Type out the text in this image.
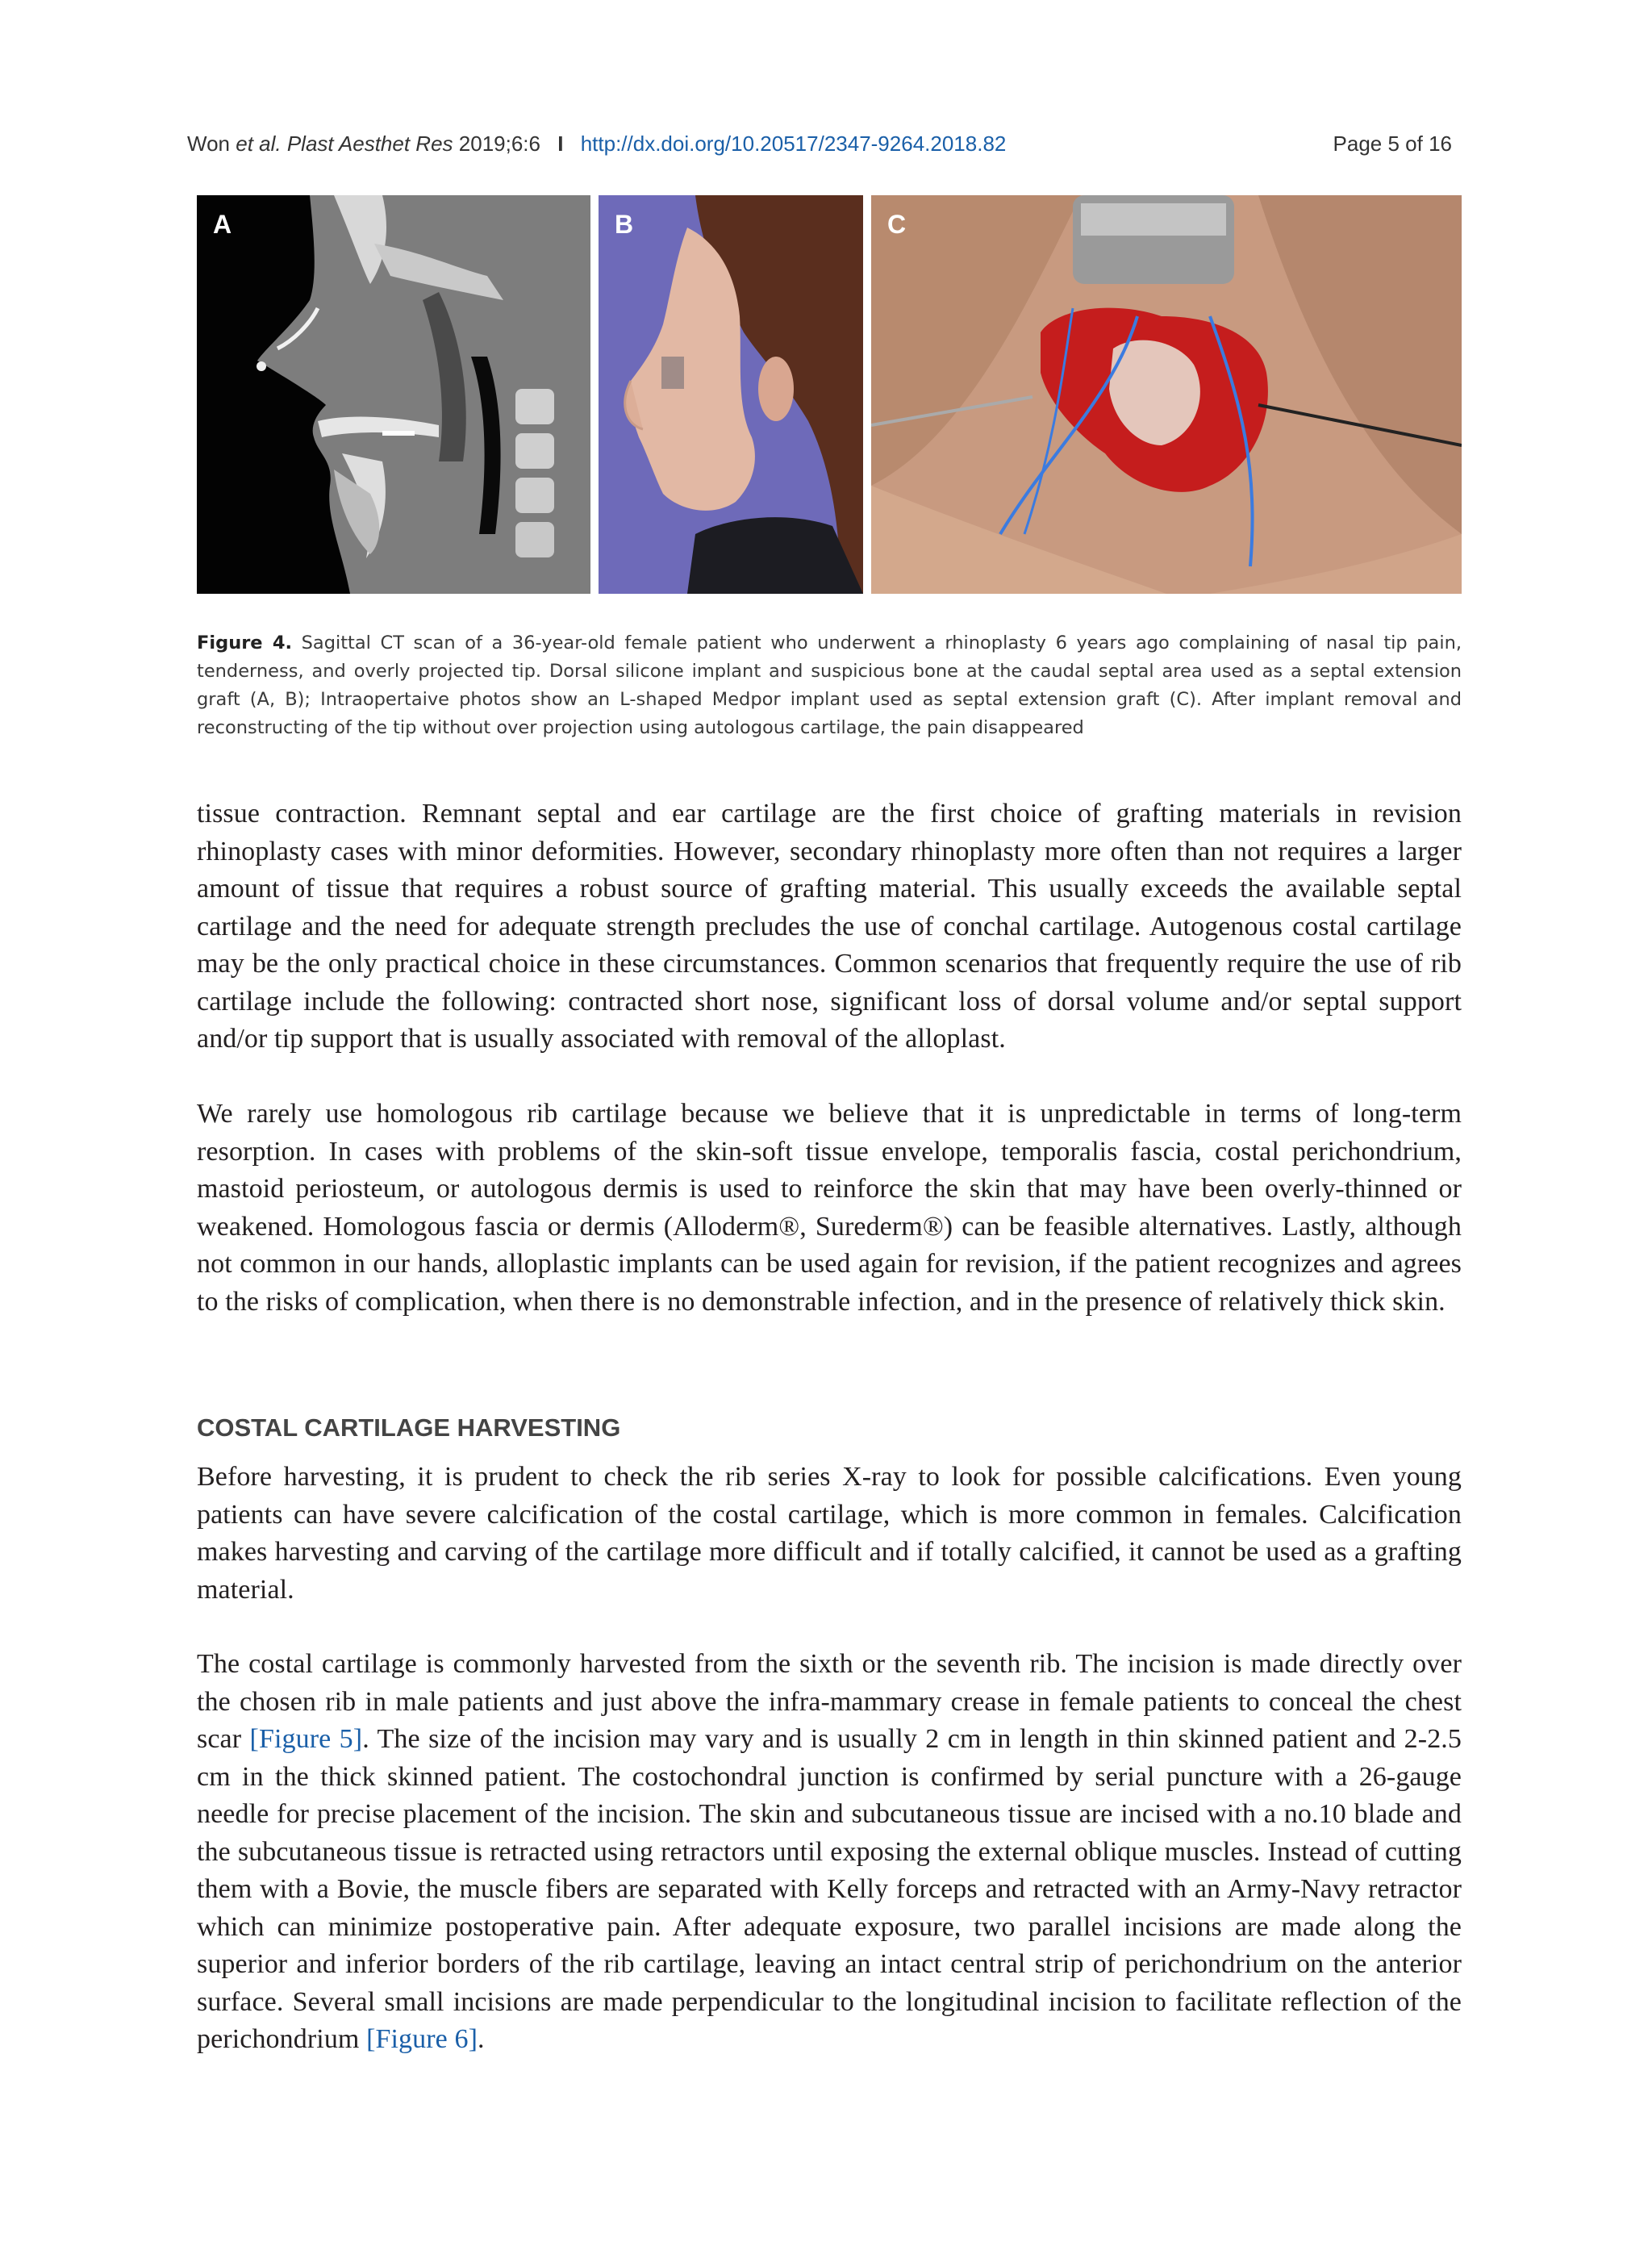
Won et al. Plast Aesthet Res 2019;6:6 I http://dx.doi.org/10.20517/2347-9264.2018.82	Page 5 of 16
A	B	C
Figure 4. Sagittal CT scan of a 36-year-old female patient who underwent a rhinoplasty 6 years ago complaining of nasal tip pain, tenderness, and overly projected tip. Dorsal silicone implant and suspicious bone at the caudal septal area used as a septal extension graft (A, B); Intraopertaive photos show an L-shaped Medpor implant used as septal extension graft (C). After implant removal and reconstructing of the tip without over projection using autologous cartilage, the pain disappeared

tissue contraction. Remnant septal and ear cartilage are the first choice of grafting materials in revision rhinoplasty cases with minor deformities. However, secondary rhinoplasty more often than not requires a larger amount of tissue that requires a robust source of grafting material. This usually exceeds the available septal cartilage and the need for adequate strength precludes the use of conchal cartilage. Autogenous costal cartilage may be the only practical choice in these circumstances. Common scenarios that frequently require the use of rib cartilage include the following: contracted short nose, significant loss of dorsal volume and/or septal support and/or tip support that is usually associated with removal of the alloplast.

We rarely use homologous rib cartilage because we believe that it is unpredictable in terms of long-term resorption. In cases with problems of the skin-soft tissue envelope, temporalis fascia, costal perichondrium, mastoid periosteum, or autologous dermis is used to reinforce the skin that may have been overly-thinned or weakened. Homologous fascia or dermis (Alloderm®, Surederm®) can be feasible alternatives. Lastly, although not common in our hands, alloplastic implants can be used again for revision, if the patient recognizes and agrees to the risks of complication, when there is no demonstrable infection, and in the presence of relatively thick skin.

COSTAL CARTILAGE HARVESTING

Before harvesting, it is prudent to check the rib series X-ray to look for possible calcifications. Even young patients can have severe calcification of the costal cartilage, which is more common in females. Calcification makes harvesting and carving of the cartilage more difficult and if totally calcified, it cannot be used as a grafting material.

The costal cartilage is commonly harvested from the sixth or the seventh rib. The incision is made directly over the chosen rib in male patients and just above the infra-mammary crease in female patients to conceal the chest scar [Figure 5]. The size of the incision may vary and is usually 2 cm in length in thin skinned patient and 2-2.5 cm in the thick skinned patient. The costochondral junction is confirmed by serial puncture with a 26-gauge needle for precise placement of the incision. The skin and subcutaneous tissue are incised with a no.10 blade and the subcutaneous tissue is retracted using retractors until exposing the external oblique muscles. Instead of cutting them with a Bovie, the muscle fibers are separated with Kelly forceps and retracted with an Army-Navy retractor which can minimize postoperative pain. After adequate exposure, two parallel incisions are made along the superior and inferior borders of the rib cartilage, leaving an intact central strip of perichondrium on the anterior surface. Several small incisions are made perpendicular to the longitudinal incision to facilitate reflection of the perichondrium [Figure 6].
